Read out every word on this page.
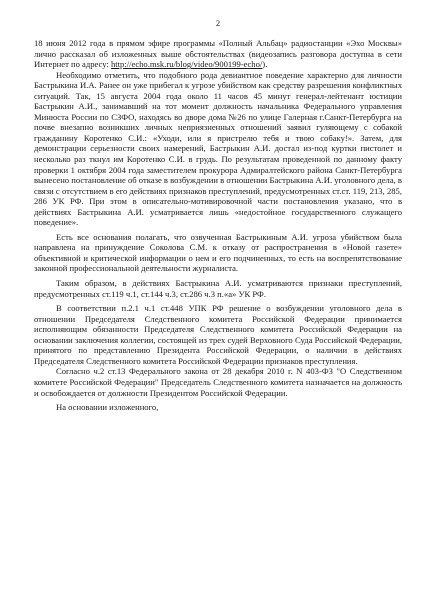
2

18 июня 2012 года в прямом эфире программы «Полный Альбац» радиостанции «Эхо Москвы» лично рассказал об изложенных выше обстоятельствах (видеозапись разговора доступна в сети Интернет по адресу: http://echo.msk.ru/blog/video/900199-echo/).

Необходимо отметить, что подобного рода девиантное поведение характерно для личности Бастрыкина И.А. Ранее он уже прибегал к угрозе убийством как средству разрешения конфликтных ситуаций. Так, 15 августа 2004 года около 11 часов 45 минут генерал-лейтенант юстиции Бастрыкин А.И., занимавший на тот момент должность начальника Федерального управления Минюста России по СЗФО, находясь во дворе дома №26 по улице Галерная г.Санкт-Петербурга на почве внезапно возникших личных неприязненных отношений заявил гуляющему с собакой гражданину Коротенко С.И.: «Уходи, или я пристрелю тебя и твою собаку!». Затем, для демонстрации серьезности своих намерений, Бастрыкин А.И. достал из-под куртки пистолет и несколько раз ткнул им Коротенко С.И. в грудь. По результатам проведенной по данному факту проверки 1 октября 2004 года заместителем прокурора Адмиралтейского района Санкт-Петербурга вынесено постановление об отказе в возбуждении в отношении Бастрыкина А.И. уголовного дела, в связи с отсутствием в его действиях признаков преступлений, предусмотренных ст.ст. 119, 213, 285, 286 УК РФ. При этом в описательно-мотивировочной части постановления указано, что в действиях Бастрыкина А.И. усматривается лишь «недостойное государственного служащего поведение».

Есть все основания полагать, что озвученная Бастрыкиным А.И. угроза убийством была направлена на принуждение Соколова С.М. к отказу от распространения в «Новой газете» объективной и критической информации о нем и его подчиненных, то есть на воспрепятствование законной профессиональной деятельности журналиста.

Таким образом, в действиях Бастрыкина А.И. усматриваются признаки преступлений, предусмотренных ст.119 ч.1, ст.144 ч.3, ст.286 ч.3 п.«а» УК РФ.

В соответствии п.2.1 ч.1 ст.448 УПК РФ решение о возбуждении уголовного дела в отношении Председателя Следственного комитета Российской Федерации принимается исполняющим обязанности Председателя Следственного комитета Российской Федерации на основании заключения коллегии, состоящей из трех судей Верховного Суда Российской Федерации, принятого по представлению Президента Российской Федерации, о наличии в действиях Председателя Следственного комитета Российской Федерации признаков преступления.

Согласно ч.2 ст.13 Федерального закона от 28 декабря 2010 г. N 403-ФЗ "О Следственном комитете Российской Федерации" Председатель Следственного комитета назначается на должность и освобождается от должности Президентом Российской Федерации.

На основании изложенного,
